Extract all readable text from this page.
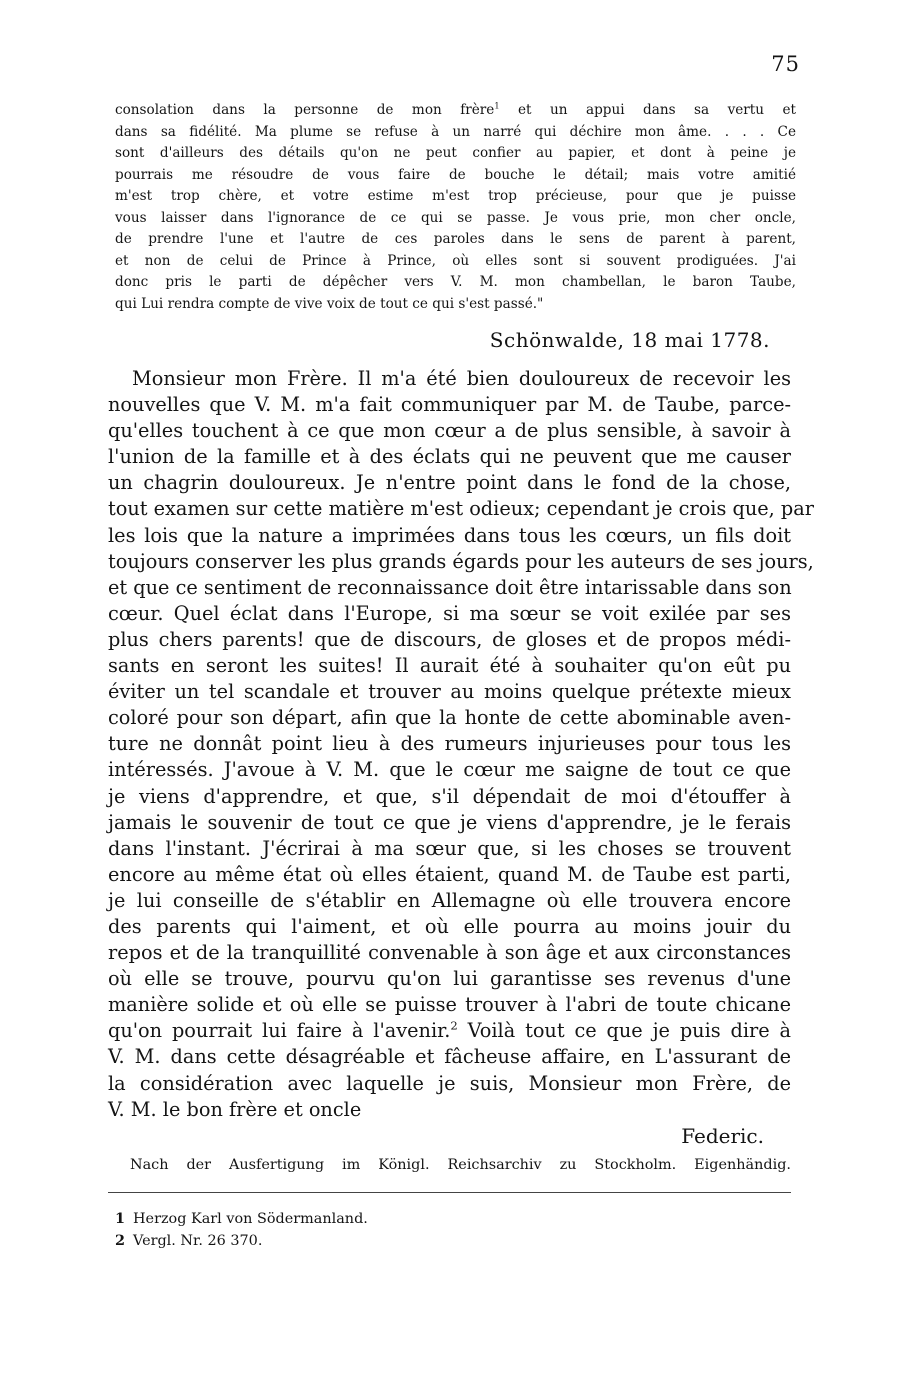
75
consolation dans la personne de mon frère$^1$ et un appui dans sa vertu et
dans sa fidélité. Ma plume se refuse à un narré qui déchire mon âme. . . . Ce
sont d'ailleurs des détails qu'on ne peut confier au papier, et dont à peine je
pourrais me résoudre de vous faire de bouche le détail; mais votre amitié
m'est trop chère, et votre estime m'est trop précieuse, pour que je puisse
vous laisser dans l'ignorance de ce qui se passe. Je vous prie, mon cher oncle,
de prendre l'une et l'autre de ces paroles dans le sens de parent à parent,
et non de celui de Prince à Prince, où elles sont si souvent prodiguées. J'ai
donc pris le parti de dépêcher vers V. M. mon chambellan, le baron Taube,
qui Lui rendra compte de vive voix de tout ce qui s'est passé."
Schönwalde, 18 mai 1778.
Monsieur mon Frère. Il m'a été bien douloureux de recevoir les
nouvelles que V. M. m'a fait communiquer par M. de Taube, parce-
qu'elles touchent à ce que mon cœur a de plus sensible, à savoir à
l'union de la famille et à des éclats qui ne peuvent que me causer
un chagrin douloureux. Je n'entre point dans le fond de la chose,
tout examen sur cette matière m'est odieux; cependant je crois que, par
les lois que la nature a imprimées dans tous les cœurs, un fils doit
toujours conserver les plus grands égards pour les auteurs de ses jours,
et que ce sentiment de reconnaissance doit être intarissable dans son
cœur. Quel éclat dans l'Europe, si ma sœur se voit exilée par ses
plus chers parents! que de discours, de gloses et de propos médi-
sants en seront les suites! Il aurait été à souhaiter qu'on eût pu
éviter un tel scandale et trouver au moins quelque prétexte mieux
coloré pour son départ, afin que la honte de cette abominable aven-
ture ne donnât point lieu à des rumeurs injurieuses pour tous les
intéressés. J'avoue à V. M. que le cœur me saigne de tout ce que
je viens d'apprendre, et que, s'il dépendait de moi d'étouffer à
jamais le souvenir de tout ce que je viens d'apprendre, je le ferais
dans l'instant. J'écrirai à ma sœur que, si les choses se trouvent
encore au même état où elles étaient, quand M. de Taube est parti,
je lui conseille de s'établir en Allemagne où elle trouvera encore
des parents qui l'aiment, et où elle pourra au moins jouir du
repos et de la tranquillité convenable à son âge et aux circonstances
où elle se trouve, pourvu qu'on lui garantisse ses revenus d'une
manière solide et où elle se puisse trouver à l'abri de toute chicane
qu'on pourrait lui faire à l'avenir.$^2$ Voilà tout ce que je puis dire à
V. M. dans cette désagréable et fâcheuse affaire, en L'assurant de
la considération avec laquelle je suis, Monsieur mon Frère, de
V. M. le bon frère et oncle
Federic.
Nach der Ausfertigung im Königl. Reichsarchiv zu Stockholm. Eigenhändig.
1 Herzog Karl von Södermanland.
2 Vergl. Nr. 26 370.
